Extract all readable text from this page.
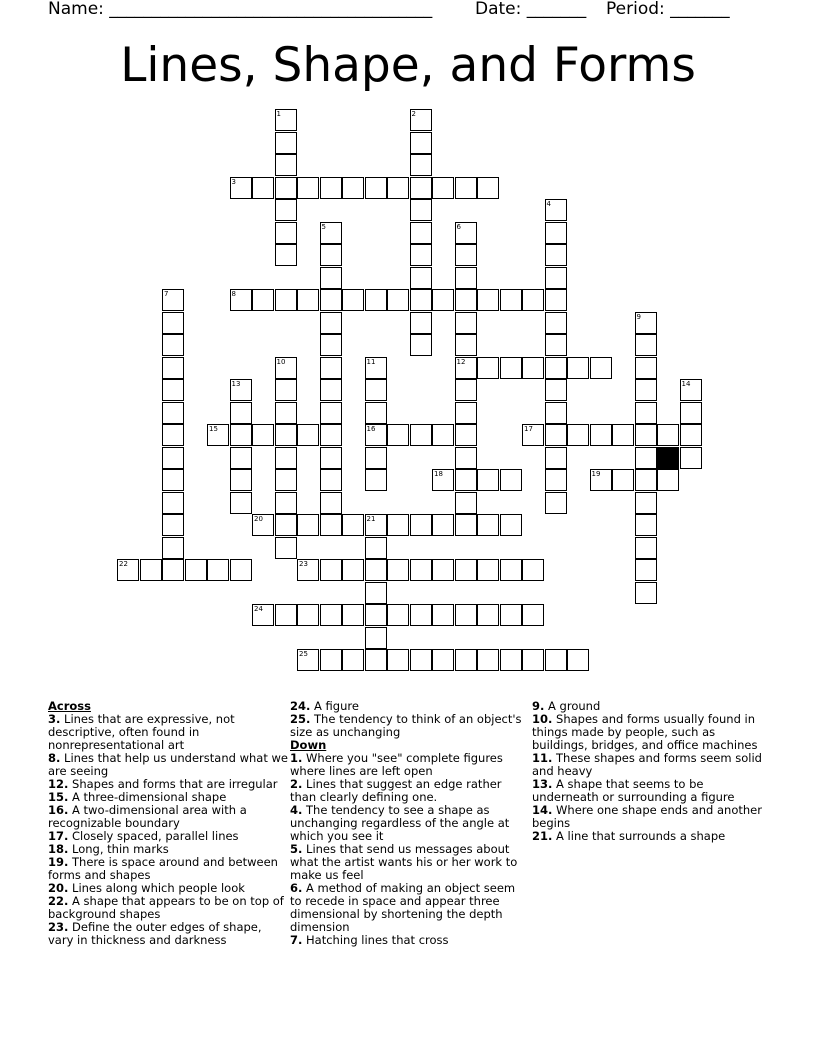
Name: ______________________________________	Date: _______ Period: _______
Lines, Shape, and Forms
1	2
3
4
5	6
12
7	8
9
10	11
16
13	14
15	17
18	19
20	21
22	23
24
25

Across

3. Lines that are expressive, not descriptive, often found in nonrepresentational art

8. Lines that help us understand what we are seeing

12. Shapes and forms that are irregular

15. A three-dimensional shape

16. A two-dimensional area with a recognizable boundary

17. Closely spaced, parallel lines

18. Long, thin marks

19. There is space around and between forms and shapes

20. Lines along which people look

22. A shape that appears to be on top of background shapes

23. Define the outer edges of shape, vary in thickness and darkness

24. A figure

25. The tendency to think of an object's size as unchanging

Down

1. Where you "see" complete figures where lines are left open

2. Lines that suggest an edge rather than clearly defining one.

4. The tendency to see a shape as unchanging regardless of the angle at which you see it

5. Lines that send us messages about what the artist wants his or her work to make us feel

6. A method of making an object seem to recede in space and appear three dimensional by shortening the depth dimension

7. Hatching lines that cross

9. A ground

10. Shapes and forms usually found in things made by people, such as buildings, bridges, and office machines

11. These shapes and forms seem solid and heavy

13. A shape that seems to be underneath or surrounding a figure

14. Where one shape ends and another begins

21. A line that surrounds a shape
